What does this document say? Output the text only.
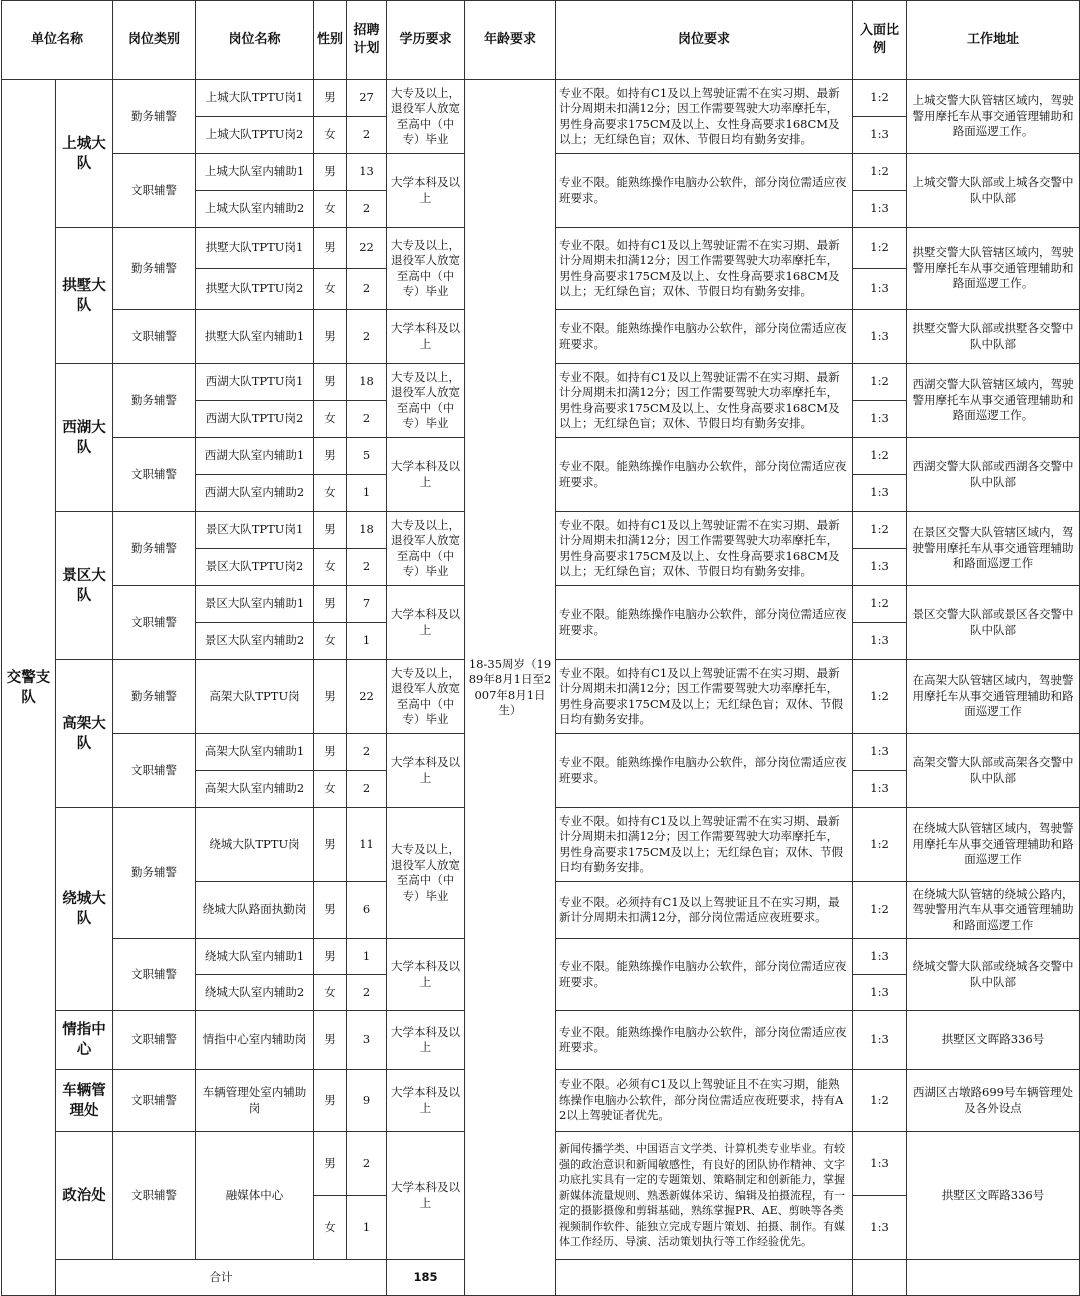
单位名称		岗位类别	岗位名称	性别	招聘计划	学历要求	年龄要求	岗位要求	入面比例	工作地址	
交警支队	上城大队	勤务辅警	上城大队TPTU岗1	男	27	大专及以上，退役军人放宽至高中（中专）毕业	18-35周岁（1989年8月1日至2007年8月1日生）	专业不限。如持有C1及以上驾驶证需不在实习期、最新计分周期未扣满12分；因工作需要驾驶大功率摩托车，男性身高要求175CM及以上、女性身高要求168CM及以上；无红绿色盲；双休、节假日均有勤务安排。	1:2	上城交警大队管辖区域内，驾驶警用摩托车从事交通管理辅助和路面巡逻工作。	
			上城大队TPTU岗2	女	2				1:3		
		文职辅警	上城大队室内辅助1	男	13	大学本科及以上		专业不限。能熟练操作电脑办公软件，部分岗位需适应夜班要求。	1:2	上城交警大队部或上城各交警中队中队部	
			上城大队室内辅助2	女	2				1:3		
	拱墅大队	勤务辅警	拱墅大队TPTU岗1	男	22	大专及以上，退役军人放宽至高中（中专）毕业		专业不限。如持有C1及以上驾驶证需不在实习期、最新计分周期未扣满12分；因工作需要驾驶大功率摩托车，男性身高要求175CM及以上、女性身高要求168CM及以上；无红绿色盲；双休、节假日均有勤务安排。	1:2	拱墅交警大队管辖区域内，驾驶警用摩托车从事交通管理辅助和路面巡逻工作。	
			拱墅大队TPTU岗2	女	2				1:3		
		文职辅警	拱墅大队室内辅助1	男	2	大学本科及以上		专业不限。能熟练操作电脑办公软件，部分岗位需适应夜班要求。	1:3	拱墅交警大队部或拱墅各交警中队中队部	
	西湖大队	勤务辅警	西湖大队TPTU岗1	男	18	大专及以上，退役军人放宽至高中（中专）毕业		专业不限。如持有C1及以上驾驶证需不在实习期、最新计分周期未扣满12分；因工作需要驾驶大功率摩托车，男性身高要求175CM及以上、女性身高要求168CM及以上；无红绿色盲；双休、节假日均有勤务安排。	1:2	西湖交警大队管辖区域内，驾驶警用摩托车从事交通管理辅助和路面巡逻工作。	
			西湖大队TPTU岗2	女	2				1:3		
		文职辅警	西湖大队室内辅助1	男	5	大学本科及以上		专业不限。能熟练操作电脑办公软件，部分岗位需适应夜班要求。	1:2	西湖交警大队部或西湖各交警中队中队部	
			西湖大队室内辅助2	女	1				1:3		
	景区大队	勤务辅警	景区大队TPTU岗1	男	18	大专及以上，退役军人放宽至高中（中专）毕业		专业不限。如持有C1及以上驾驶证需不在实习期、最新计分周期未扣满12分；因工作需要驾驶大功率摩托车，男性身高要求175CM及以上、女性身高要求168CM及以上；无红绿色盲；双休、节假日均有勤务安排。	1:2	在景区交警大队管辖区域内，驾驶警用摩托车从事交通管理辅助和路面巡逻工作	
			景区大队TPTU岗2	女	2				1:3		
		文职辅警	景区大队室内辅助1	男	7	大学本科及以上		专业不限。能熟练操作电脑办公软件，部分岗位需适应夜班要求。	1:2	景区交警大队部或景区各交警中队中队部	
			景区大队室内辅助2	女	1				1:3		
	高架大队	勤务辅警	高架大队TPTU岗	男	22	大专及以上，退役军人放宽至高中（中专）毕业		专业不限。如持有C1及以上驾驶证需不在实习期、最新计分周期未扣满12分；因工作需要驾驶大功率摩托车，男性身高要求175CM及以上；无红绿色盲；双休、节假日均有勤务安排。	1:2	在高架大队管辖区域内，驾驶警用摩托车从事交通管理辅助和路面巡逻工作	
		文职辅警	高架大队室内辅助1	男	2	大学本科及以上		专业不限。能熟练操作电脑办公软件，部分岗位需适应夜班要求。	1:3	高架交警大队部或高架各交警中队中队部	
			高架大队室内辅助2	女	2				1:3		
	绕城大队	勤务辅警	绕城大队TPTU岗	男	11	大专及以上，退役军人放宽至高中（中专）毕业		专业不限。如持有C1及以上驾驶证需不在实习期、最新计分周期未扣满12分；因工作需要驾驶大功率摩托车，男性身高要求175CM及以上；无红绿色盲；双休、节假日均有勤务安排。	1:2	在绕城大队管辖区域内，驾驶警用摩托车从事交通管理辅助和路面巡逻工作	
			绕城大队路面执勤岗	男	6			专业不限。必须持有C1及以上驾驶证且不在实习期，最新计分周期未扣满12分，部分岗位需适应夜班要求。	1:2	在绕城大队管辖的绕城公路内，驾驶警用汽车从事交通管理辅助和路面巡逻工作	
		文职辅警	绕城大队室内辅助1	男	1	大学本科及以上		专业不限。能熟练操作电脑办公软件，部分岗位需适应夜班要求。	1:3	绕城交警大队部或绕城各交警中队中队部	
			绕城大队室内辅助2	女	2				1:3		
	情指中心	文职辅警	情指中心室内辅助岗	男	3	大学本科及以上		专业不限。能熟练操作电脑办公软件，部分岗位需适应夜班要求。	1:3	拱墅区文晖路336号	
	车辆管理处	文职辅警	车辆管理处室内辅助岗	男	9	大学本科及以上		专业不限。必须有C1及以上驾驶证且不在实习期，能熟练操作电脑办公软件，部分岗位需适应夜班要求，持有A2以上驾驶证者优先。	1:2	西湖区古墩路699号车辆管理处及各外设点	
	政治处	文职辅警	融媒体中心	男	2	大学本科及以上		新闻传播学类、中国语言文学类、计算机类专业毕业。有较强的政治意识和新闻敏感性，有良好的团队协作精神、文字功底扎实具有一定的专题策划、策略制定和创新能力，掌握新媒体流量规则、熟悉新媒体采访、编辑及拍摄流程，有一定的摄影摄像和剪辑基础，熟练掌握PR、AE、剪映等各类视频制作软件、能独立完成专题片策划、拍摄、制作。有媒体工作经历、导演、活动策划执行等工作经验优先。	1:3	拱墅区文晖路336号	
				女	1				1:3		
	合计					185					
